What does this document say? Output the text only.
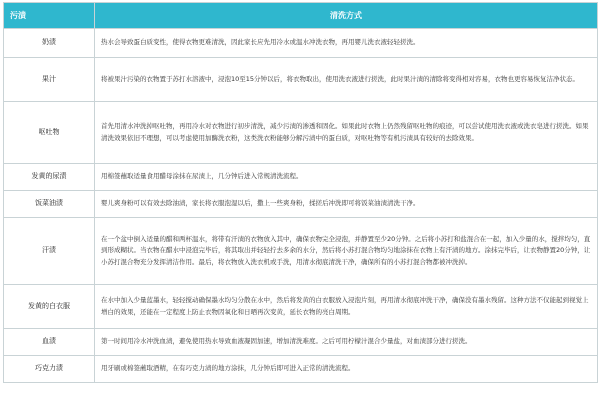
污渍	清洗方式
奶渍	热水会导致蛋白质变性，使得衣物更难清洗，因此家长应先用冷水或温水冲洗衣物，再用婴儿洗衣液轻轻搓洗。
果汁	将被果汁污染的衣物置于苏打水溶液中，浸泡10至15分钟以后，将衣物取出，使用洗衣液进行搓洗，此时果汁渍的清除将变得相对容易，衣物也更容易恢复洁净状态。
呕吐物	首先用清水冲洗掉呕吐物，再用冷水对衣物进行初步清洗，减少污渍的渗透和固化。如果此时衣物上仍然残留呕吐物的痕迹，可以尝试使用洗衣液或洗衣皂进行搓洗。如果清洗效果依旧不理想，可以考虑使用加酶洗衣粉，这类洗衣粉能够分解污渍中的蛋白质，对呕吐物等有机污渍具有较好的去除效果。
发黄的尿渍	用棉签蘸取适量食用醋母涂抹在尿渍上，几分钟后进入常规清洗流程。
饭菜油渍	婴儿爽身粉可以有效去除油渍，家长将衣服泡湿以后，撒上一些爽身粉，揉搓后冲洗即可将饭菜油渍清洗干净。
汗渍	在一个盆中倒入适量的醋和两杯温水，将带有汗渍的衣物放入其中，确保衣物完全浸泡，并静置至少20分钟。之后将小苏打和盐混合在一起，加入少量的水，搅拌均匀，直到形成糊状。当衣物在醋水中浸泡完毕后，将其取出并轻轻拧去多余的水分，然后将小苏打混合物均匀地涂抹在衣物上有汗渍的地方。涂抹完毕后，让衣物静置20分钟，让小苏打混合物充分发挥清洁作用。最后，将衣物放入洗衣机或手洗，用清水彻底清洗干净，确保所有的小苏打混合物都被冲洗掉。
发黄的白衣服	在水中加入少量蓝墨水，轻轻搅动确保墨水均匀分散在水中，然后将发黄的白衣服放入浸泡片刻，再用清水彻底冲洗干净，确保没有墨水残留。这种方法不仅能起到视觉上增白的效果，还能在一定程度上防止衣物因氧化和日晒再次变黄，延长衣物的亮白周期。
血渍	第一时间用冷水冲洗血渍，避免使用热水导致血液凝固加速，增加清洗难度。之后可用柠檬汁混合少量盐，对血渍部分进行搓洗。
巧克力渍	用牙刷或棉签蘸取酒精，在有巧克力渍的地方涂抹，几分钟后即可进入正常的清洗流程。
